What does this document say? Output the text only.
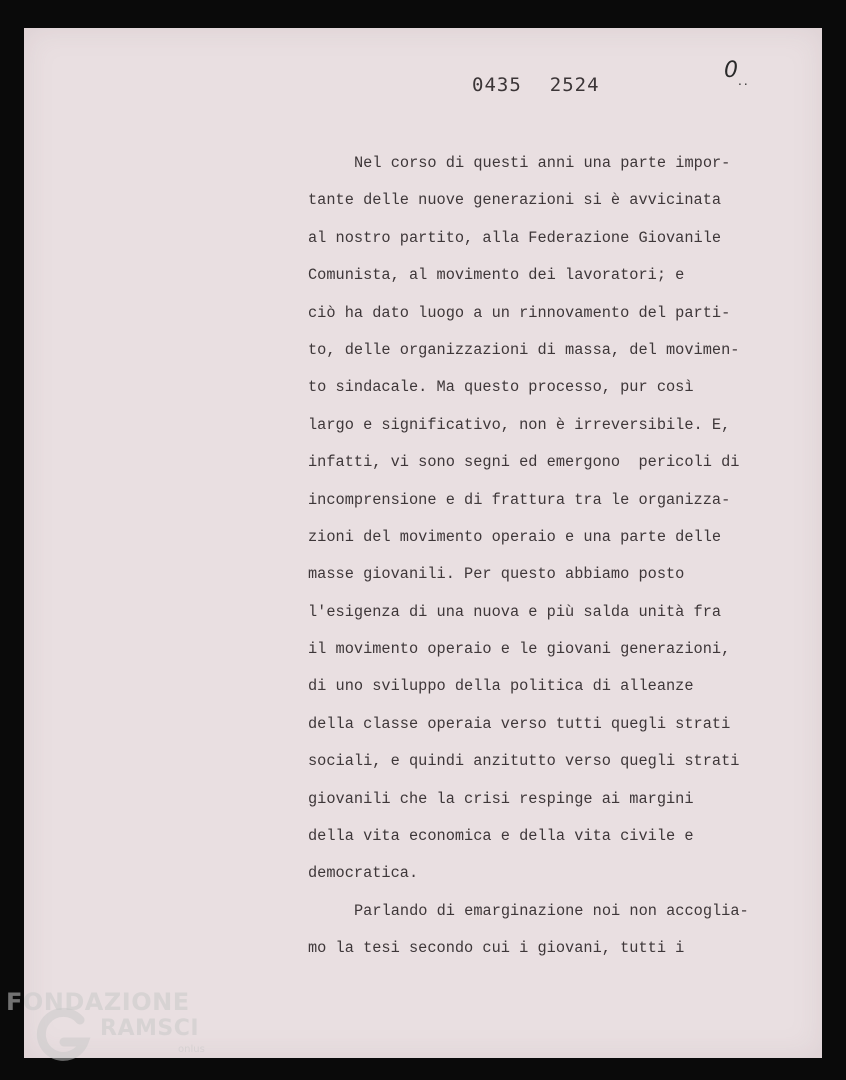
0435 2524
0 ..
Nel corso di questi anni una parte impor-
tante delle nuove generazioni si è avvicinata
al nostro partito, alla Federazione Giovanile
Comunista, al movimento dei lavoratori; e
ciò ha dato luogo a un rinnovamento del parti-
to, delle organizzazioni di massa, del movimen-
to sindacale. Ma questo processo, pur così
largo e significativo, non è irreversibile. E,
infatti, vi sono segni ed emergono  pericoli di
incomprensione e di frattura tra le organizza-
zioni del movimento operaio e una parte delle
masse giovanili. Per questo abbiamo posto
l'esigenza di una nuova e più salda unità fra
il movimento operaio e le giovani generazioni,
di uno sviluppo della politica di alleanze
della classe operaia verso tutti quegli strati
sociali, e quindi anzitutto verso quegli strati
giovanili che la crisi respinge ai margini
della vita economica e della vita civile e
democratica.
Parlando di emarginazione noi non accoglia-
mo la tesi secondo cui i giovani, tutti i
FONDAZIONE
RAMSCI
onlus
